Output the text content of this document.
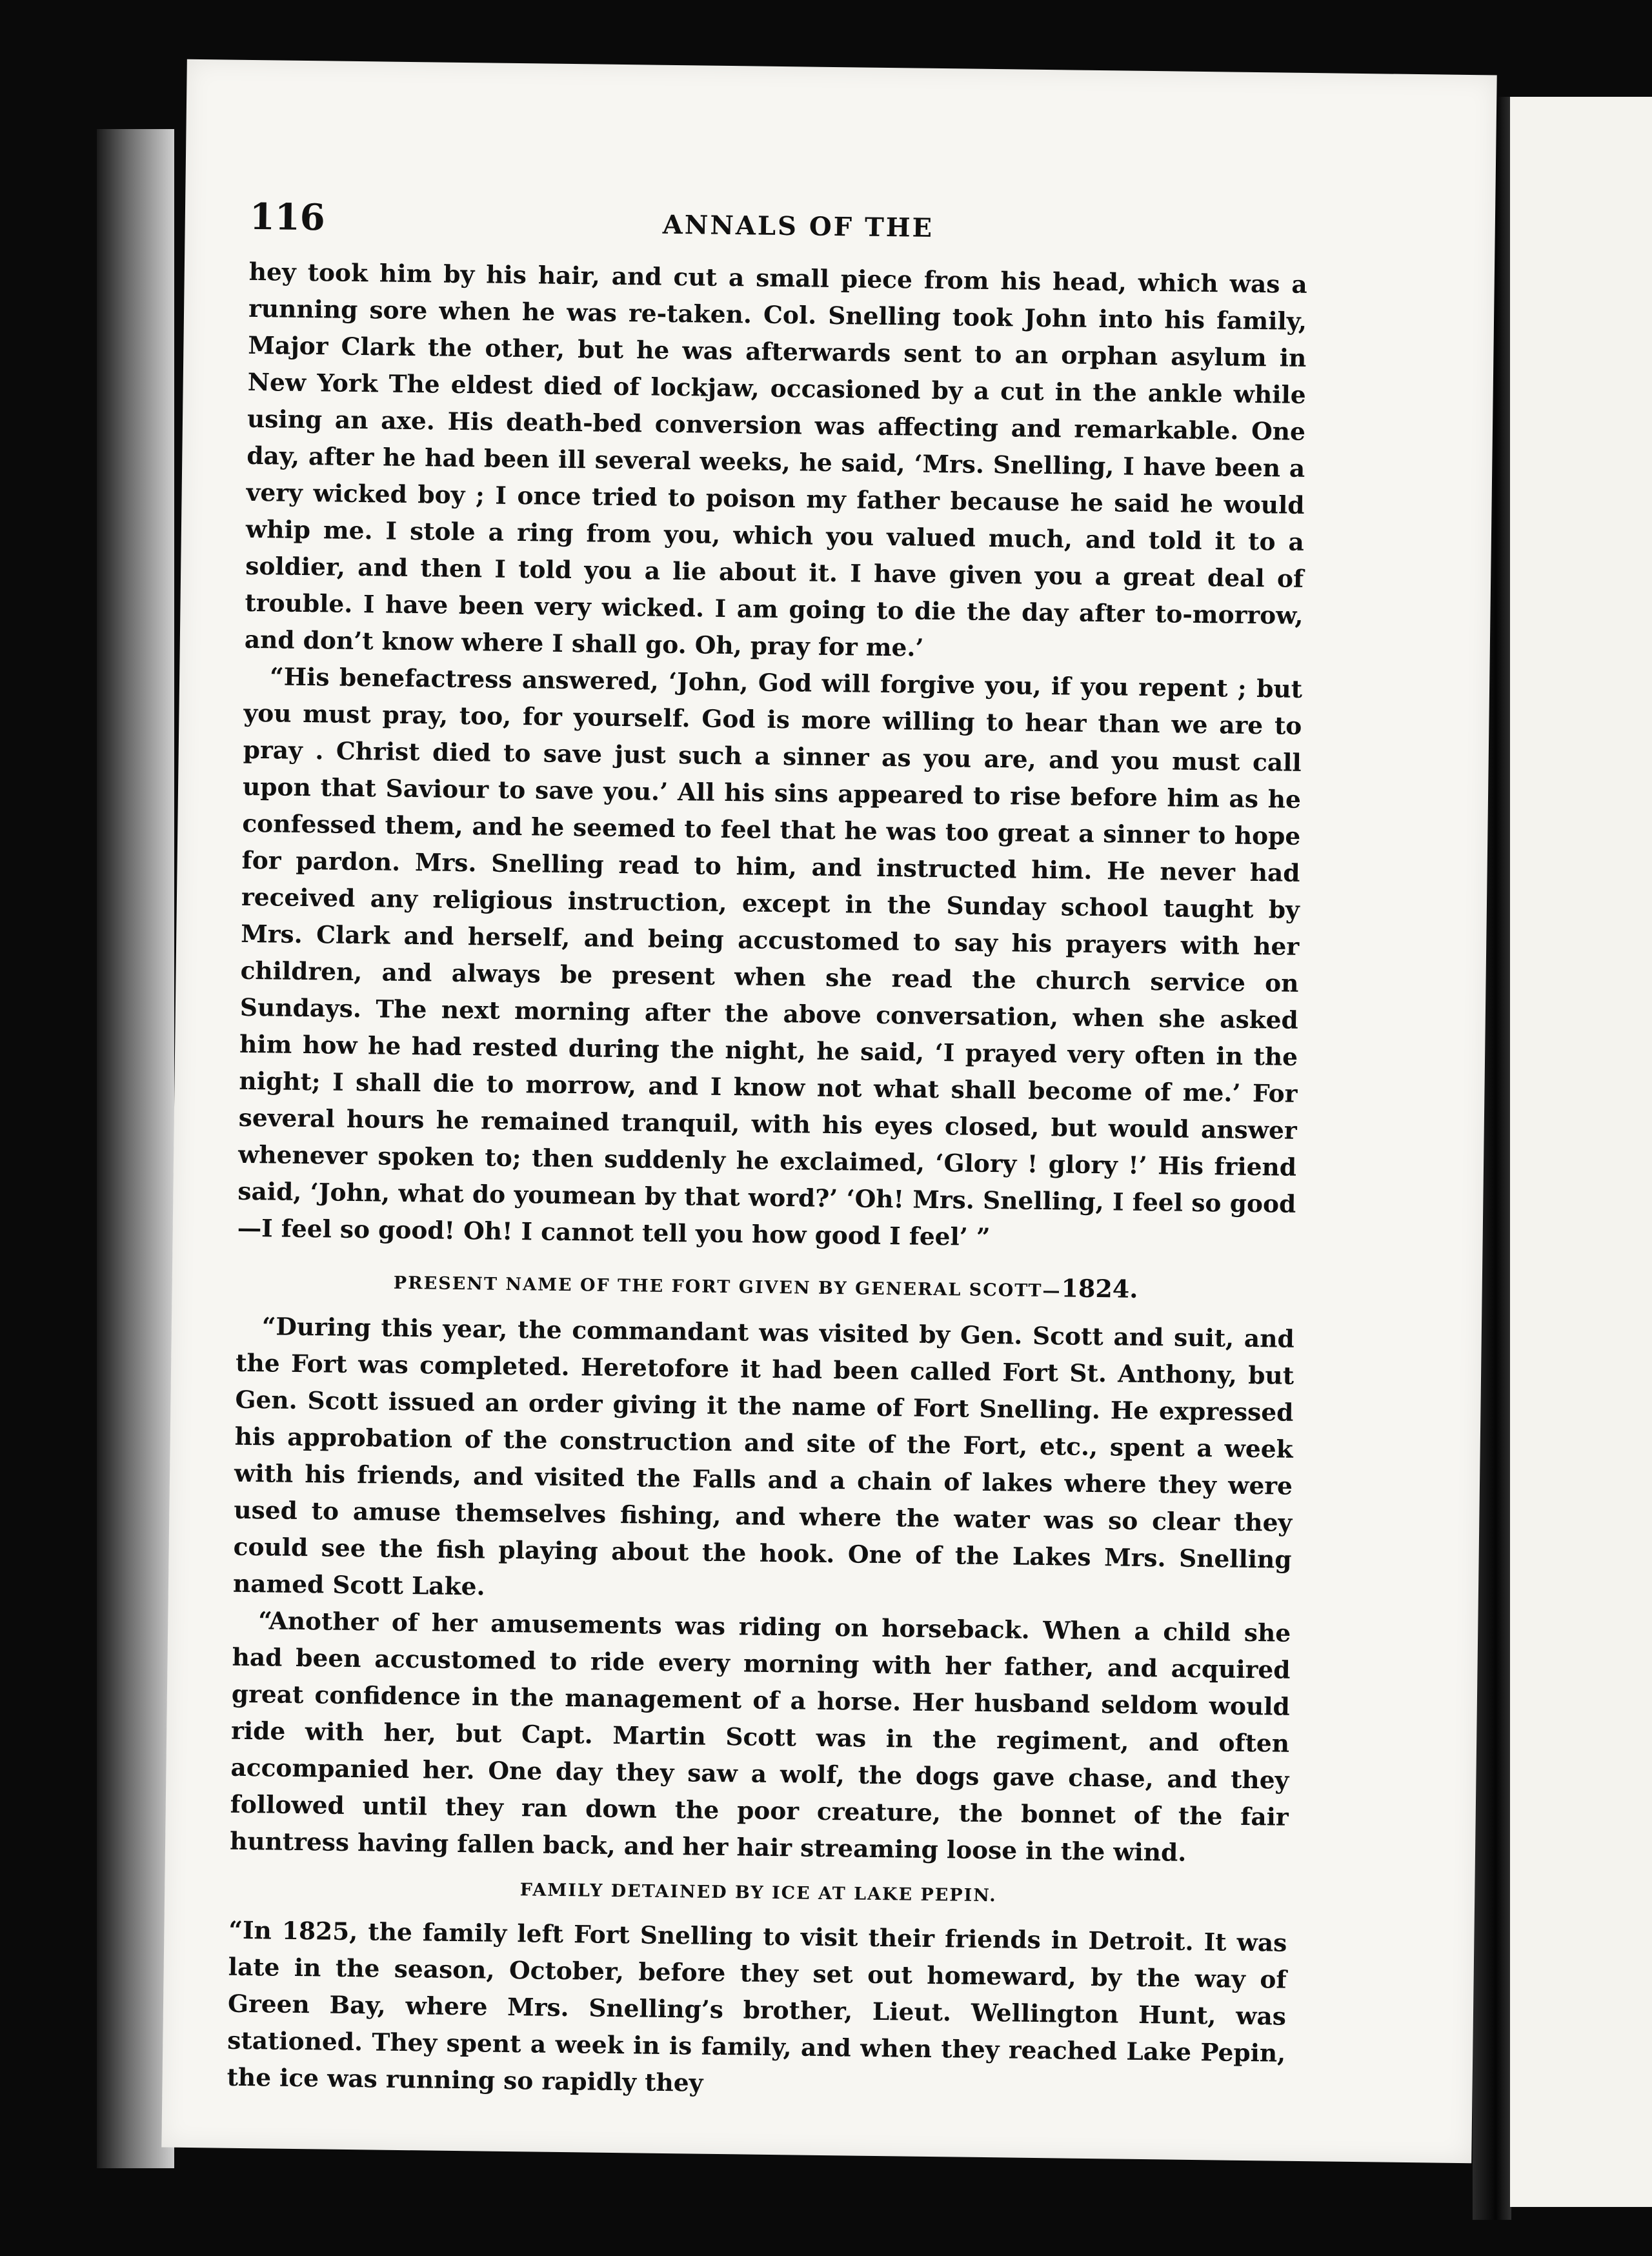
116	ANNALS OF THE

hey took him by his hair, and cut a small piece from his head, which was a running sore when he was re-taken. Col. Snelling took John into his family, Major Clark the other, but he was afterwards sent to an orphan asylum in New York The eldest died of lockjaw, occasioned by a cut in the ankle while using an axe. His death-bed conversion was affecting and remarkable. One day, after he had been ill several weeks, he said, ‘Mrs. Snelling, I have been a very wicked boy ; I once tried to poison my father because he said he would whip me. I stole a ring from you, which you valued much, and told it to a soldier, and then I told you a lie about it. I have given you a great deal of trouble. I have been very wicked. I am going to die the day after to-morrow, and don’t know where I shall go. Oh, pray for me.’

“His benefactress answered, ‘John, God will forgive you, if you repent ; but you must pray, too, for yourself. God is more willing to hear than we are to pray . Christ died to save just such a sinner as you are, and you must call upon that Saviour to save you.’ All his sins appeared to rise before him as he confessed them, and he seemed to feel that he was too great a sinner to hope for pardon. Mrs. Snelling read to him, and instructed him. He never had received any religious instruction, except in the Sunday school taught by Mrs. Clark and herself, and being accustomed to say his prayers with her children, and always be present when she read the church service on Sundays. The next morning after the above conversation, when she asked him how he had rested during the night, he said, ‘I prayed very often in the night; I shall die to morrow, and I know not what shall become of me.’ For several hours he remained tranquil, with his eyes closed, but would answer whenever spoken to; then suddenly he exclaimed, ‘Glory ! glory !’ His friend said, ‘John, what do youmean by that word?’ ‘Oh! Mrs. Snelling, I feel so good—I feel so good! Oh! I cannot tell you how good I feel’ ”

PRESENT NAME OF THE FORT GIVEN BY GENERAL SCOTT—1824.

“During this year, the commandant was visited by Gen. Scott and suit, and the Fort was completed. Heretofore it had been called Fort St. Anthony, but Gen. Scott issued an order giving it the name of Fort Snelling. He expressed his approbation of the construction and site of the Fort, etc., spent a week with his friends, and visited the Falls and a chain of lakes where they were used to amuse themselves fishing, and where the water was so clear they could see the fish playing about the hook. One of the Lakes Mrs. Snelling named Scott Lake.

“Another of her amusements was riding on horseback. When a child she had been accustomed to ride every morning with her father, and acquired great confidence in the management of a horse. Her husband seldom would ride with her, but Capt. Martin Scott was in the regiment, and often accompanied her. One day they saw a wolf, the dogs gave chase, and they followed until they ran down the poor creature, the bonnet of the fair huntress having fallen back, and her hair streaming loose in the wind.

FAMILY DETAINED BY ICE AT LAKE PEPIN.

“In 1825, the family left Fort Snelling to visit their friends in Detroit. It was late in the season, October, before they set out homeward, by the way of Green Bay, where Mrs. Snelling’s brother, Lieut. Wellington Hunt, was stationed. They spent a week in is family, and when they reached Lake Pepin, the ice was running so rapidly they
